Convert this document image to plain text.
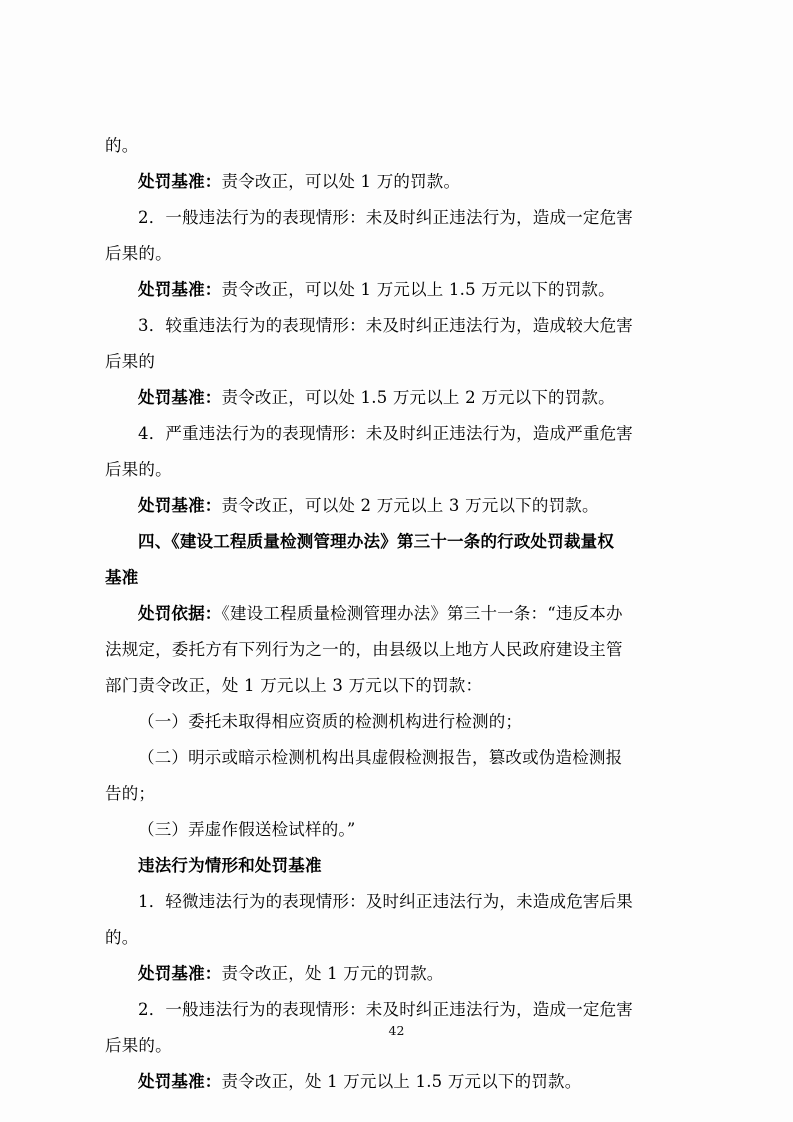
的。

处罚基准：责令改正，可以处 1 万的罚款。

2．一般违法行为的表现情形：未及时纠正违法行为，造成一定危害

后果的。

处罚基准：责令改正，可以处 1 万元以上 1.5 万元以下的罚款。

3．较重违法行为的表现情形：未及时纠正违法行为，造成较大危害

后果的

处罚基准：责令改正，可以处 1.5 万元以上 2 万元以下的罚款。

4．严重违法行为的表现情形：未及时纠正违法行为，造成严重危害

后果的。

处罚基准：责令改正，可以处 2 万元以上 3 万元以下的罚款。

四、《建设工程质量检测管理办法》第三十一条的行政处罚裁量权

基准

处罚依据：《建设工程质量检测管理办法》第三十一条：“违反本办

法规定，委托方有下列行为之一的，由县级以上地方人民政府建设主管

部门责令改正，处 1 万元以上 3 万元以下的罚款：

（一）委托未取得相应资质的检测机构进行检测的；

（二）明示或暗示检测机构出具虚假检测报告，篡改或伪造检测报

告的；

（三）弄虚作假送检试样的。”

违法行为情形和处罚基准

1．轻微违法行为的表现情形：及时纠正违法行为，未造成危害后果

的。

处罚基准：责令改正，处 1 万元的罚款。

2．一般违法行为的表现情形：未及时纠正违法行为，造成一定危害

后果的。

处罚基准：责令改正，处 1 万元以上 1.5 万元以下的罚款。

42
